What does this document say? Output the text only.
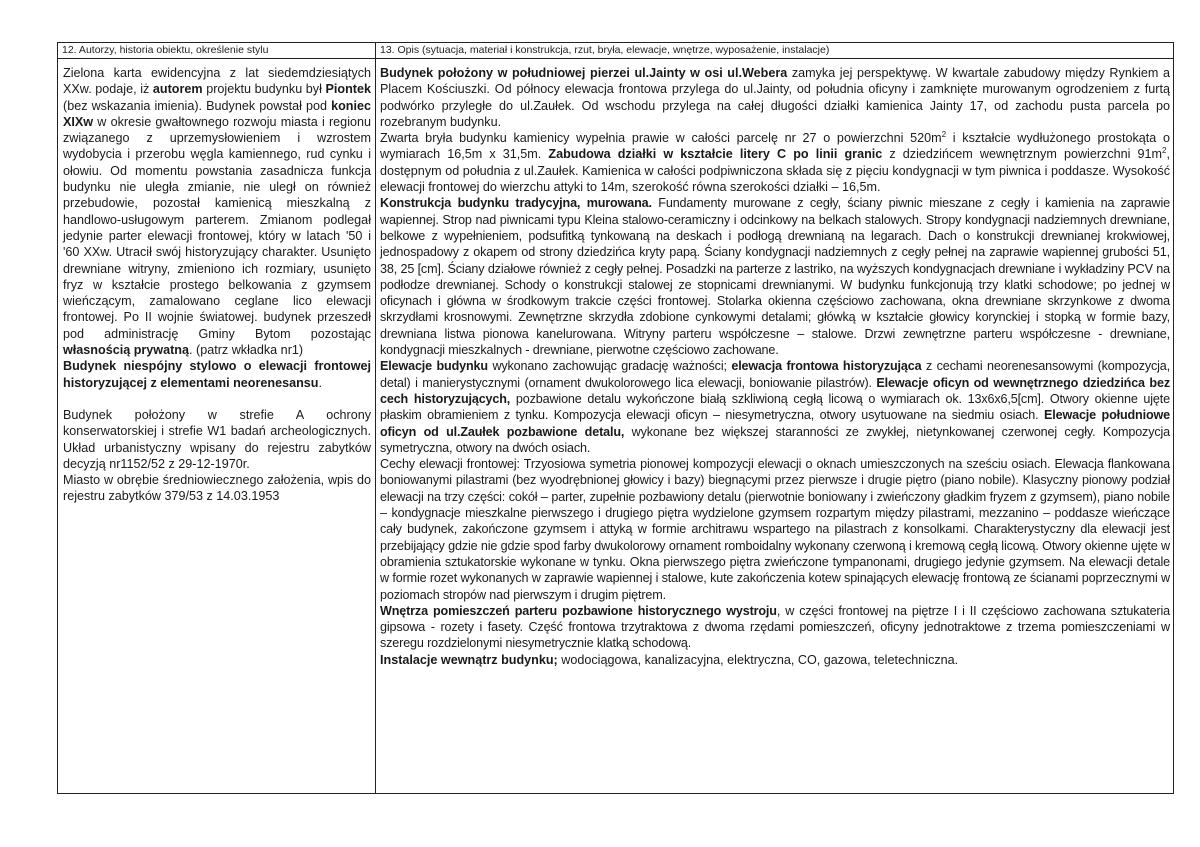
12. Autorzy, historia obiektu, określenie stylu	13. Opis (sytuacja, materiał i konstrukcja, rzut, bryła, elewacje, wnętrze, wyposażenie, instalacje)

Zielona karta ewidencyjna z lat siedemdziesiątych XXw. podaje, iż autorem projektu budynku był Piontek (bez wskazania imienia). Budynek powstał pod koniec XIXw w okresie gwałtownego rozwoju miasta i regionu związanego z uprzemysłowieniem i wzrostem wydobycia i przerobu węgla kamiennego, rud cynku i ołowiu. Od momentu powstania zasadnicza funkcja budynku nie uległa zmianie, nie uległ on również przebudowie, pozostał kamienicą mieszkalną z handlowo-usługowym parterem. Zmianom podlegał jedynie parter elewacji frontowej, który w latach '50 i '60 XXw. Utracił swój historyzujący charakter. Usunięto drewniane witryny, zmieniono ich rozmiary, usunięto fryz w kształcie prostego belkowania z gzymsem wieńczącym, zamalowano ceglane lico elewacji frontowej. Po II wojnie światowej. budynek przeszedł pod administrację Gminy Bytom pozostając własnością prywatną. (patrz wkładka nr1)

Budynek niespójny stylowo o elewacji frontowej historyzującej z elementami neorenesansu.

Budynek położony w strefie A ochrony konserwatorskiej i strefie W1 badań archeologicznych. Układ urbanistyczny wpisany do rejestru zabytków decyzją nr1152/52 z 29-12-1970r.

Miasto w obrębie średniowiecznego założenia, wpis do rejestru zabytków 379/53 z 14.03.1953

Budynek położony w południowej pierzei ul.Jainty w osi ul.Webera zamyka jej perspektywę. W kwartale zabudowy między Rynkiem a Placem Kościuszki. Od północy elewacja frontowa przylega do ul.Jainty, od południa oficyny i zamknięte murowanym ogrodzeniem z furtą podwórko przyległe do ul.Zaułek. Od wschodu przylega na całej długości działki kamienica Jainty 17, od zachodu pusta parcela po rozebranym budynku.

Zwarta bryła budynku kamienicy wypełnia prawie w całości parcelę nr 27 o powierzchni $520m^2$ i kształcie wydłużonego prostokąta o wymiarach 16,5m x 31,5m. Zabudowa działki w kształcie litery C po linii granic z dziedzińcem wewnętrznym powierzchni $91m^2$, dostępnym od południa z ul.Zaułek. Kamienica w całości podpiwniczona składa się z pięciu kondygnacji w tym piwnica i poddasze. Wysokość elewacji frontowej do wierzchu attyki to 14m, szerokość równa szerokości działki – 16,5m.

Konstrukcja budynku tradycyjna, murowana. Fundamenty murowane z cegły, ściany piwnic mieszane z cegły i kamienia na zaprawie wapiennej. Strop nad piwnicami typu Kleina stalowo-ceramiczny i odcinkowy na belkach stalowych. Stropy kondygnacji nadziemnych drewniane, belkowe z wypełnieniem, podsufitką tynkowaną na deskach i podłogą drewnianą na legarach. Dach o konstrukcji drewnianej krokwiowej, jednospadowy z okapem od strony dziedzińca kryty papą. Ściany kondygnacji nadziemnych z cegły pełnej na zaprawie wapiennej grubości 51, 38, 25 [cm]. Ściany działowe również z cegły pełnej. Posadzki na parterze z lastriko, na wyższych kondygnacjach drewniane i wykładziny PCV na podłodze drewnianej. Schody o konstrukcji stalowej ze stopnicami drewnianymi. W budynku funkcjonują trzy klatki schodowe; po jednej w oficynach i główna w środkowym trakcie części frontowej. Stolarka okienna częściowo zachowana, okna drewniane skrzynkowe z dwoma skrzydłami krosnowymi. Zewnętrzne skrzydła zdobione cynkowymi detalami; główką w kształcie głowicy korynckiej i stopką w formie bazy, drewniana listwa pionowa kanelurowana. Witryny parteru współczesne – stalowe. Drzwi zewnętrzne parteru współczesne - drewniane, kondygnacji mieszkalnych - drewniane, pierwotne częściowo zachowane.

Elewacje budynku wykonano zachowując gradację ważności; elewacja frontowa historyzująca z cechami neorenesansowymi (kompozycja, detal) i manierystycznymi (ornament dwukolorowego lica elewacji, boniowanie pilastrów). Elewacje oficyn od wewnętrznego dziedzińca bez cech historyzujących, pozbawione detalu wykończone białą szkliwioną cegłą licową o wymiarach ok. 13x6x6,5[cm]. Otwory okienne ujęte płaskim obramieniem z tynku. Kompozycja elewacji oficyn – niesymetryczna, otwory usytuowane na siedmiu osiach. Elewacje południowe oficyn od ul.Zaułek pozbawione detalu, wykonane bez większej staranności ze zwykłej, nietynkowanej czerwonej cegły. Kompozycja symetryczna, otwory na dwóch osiach.

Cechy elewacji frontowej: Trzyosiowa symetria pionowej kompozycji elewacji o oknach umieszczonych na sześciu osiach. Elewacja flankowana boniowanymi pilastrami (bez wyodrębnionej głowicy i bazy) biegnącymi przez pierwsze i drugie piętro (piano nobile). Klasyczny pionowy podział elewacji na trzy części: cokół – parter, zupełnie pozbawiony detalu (pierwotnie boniowany i zwieńczony gładkim fryzem z gzymsem), piano nobile – kondygnacje mieszkalne pierwszego i drugiego piętra wydzielone gzymsem rozpartym między pilastrami, mezzanino – poddasze wieńczące cały budynek, zakończone gzymsem i attyką w formie architrawu wspartego na pilastrach z konsolkami. Charakterystyczny dla elewacji jest przebijający gdzie nie gdzie spod farby dwukolorowy ornament romboidalny wykonany czerwoną i kremową cegłą licową. Otwory okienne ujęte w obramienia sztukatorskie wykonane w tynku. Okna pierwszego piętra zwieńczone tympanonami, drugiego jedynie gzymsem. Na elewacji detale w formie rozet wykonanych w zaprawie wapiennej i stalowe, kute zakończenia kotew spinających elewację frontową ze ścianami poprzecznymi w poziomach stropów nad pierwszym i drugim piętrem.

Wnętrza pomieszczeń parteru pozbawione historycznego wystroju, w części frontowej na piętrze I i II częściowo zachowana sztukateria gipsowa - rozety i fasety. Część frontowa trzytraktowa z dwoma rzędami pomieszczeń, oficyny jednotraktowe z trzema pomieszczeniami w szeregu rozdzielonymi niesymetrycznie klatką schodową.

Instalacje wewnątrz budynku; wodociągowa, kanalizacyjna, elektryczna, CO, gazowa, teletechniczna.
